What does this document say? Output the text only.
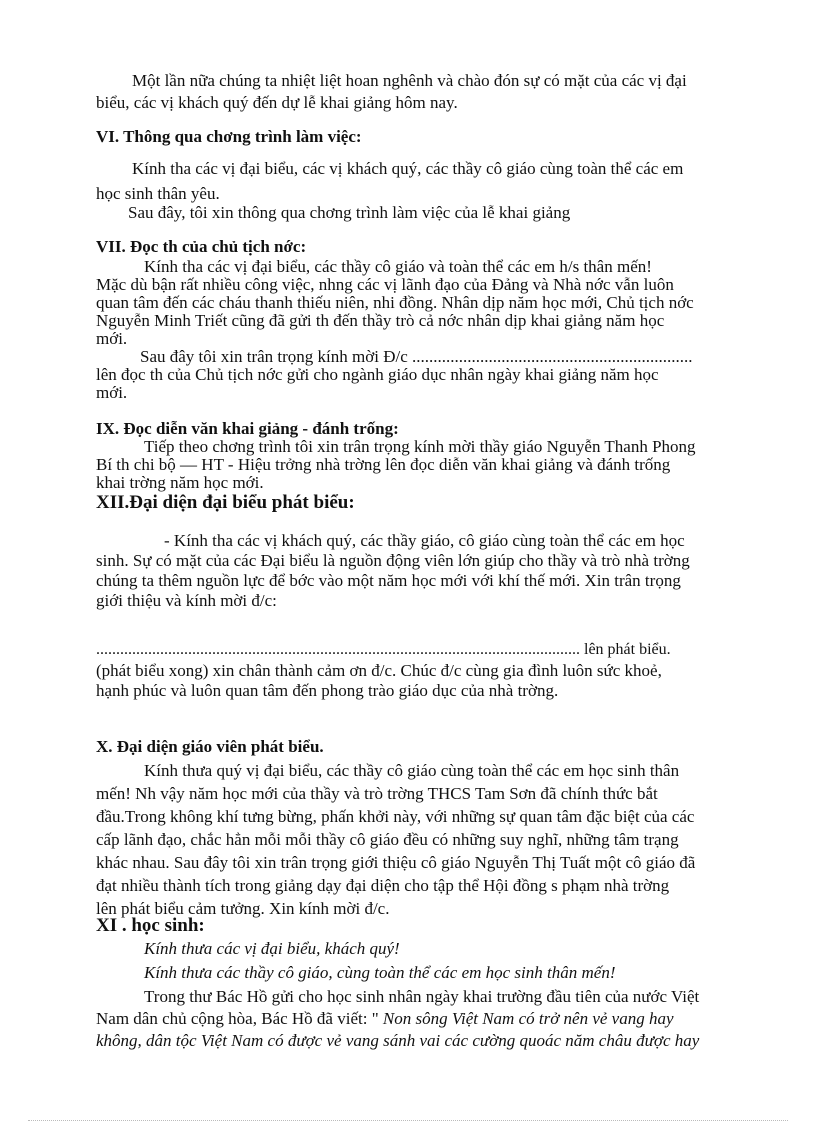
Một lần nữa chúng ta nhiệt liệt hoan nghênh và chào đón sự có mặt của các vị đại

biểu, các vị khách quý đến dự lễ khai giảng hôm nay.

VI. Thông qua chơng trình làm việc:

Kính tha các vị đại biểu, các vị khách quý, các thầy cô giáo cùng toàn thể các em

học sinh thân yêu.

Sau đây, tôi xin thông qua chơng trình làm việc của lễ khai giảng

VII. Đọc th của chủ tịch nớc:

Kính tha các vị đại biểu, các thầy cô giáo và toàn thể các em h/s thân mến!

Mặc dù bận rất nhiều công việc, nhng các vị lãnh đạo của Đảng và Nhà nớc vẫn luôn

quan tâm đến các cháu thanh thiếu niên, nhi đồng. Nhân dịp năm học mới, Chủ tịch nớc

Nguyễn Minh Triết cũng đã gửi th đến thầy trò cả nớc nhân dịp khai giảng năm học

mới.

Sau đây tôi xin trân trọng kính mời Đ/c ..................................................................

lên đọc th của Chủ tịch nớc gửi cho ngành giáo dục nhân ngày khai giảng năm học

mới.

IX. Đọc diễn văn khai giảng - đánh trống:

Tiếp theo chơng trình tôi xin trân trọng kính mời thầy giáo Nguyễn Thanh Phong

Bí th chi bộ — HT - Hiệu trởng nhà trờng lên đọc diễn văn khai giảng và đánh trống

khai trờng năm học mới.

XII.Đại diện đại biểu phát biểu:

- Kính tha các vị khách quý, các thầy giáo, cô giáo cùng toàn thể các em học

sinh. Sự có mặt của các Đại biểu là nguồn động viên lớn giúp cho thầy và trò nhà trờng

chúng ta thêm nguồn lực để bớc vào một năm học mới với khí thế mới. Xin trân trọng

giới thiệu và kính mời đ/c:

......................................................................................................................... lên phát biểu.

(phát biểu xong) xin chân thành cảm ơn đ/c. Chúc đ/c cùng gia đình luôn sức khoẻ,

hạnh phúc và luôn quan tâm đến phong trào giáo dục của nhà trờng.

X. Đại diện giáo viên phát biểu.

Kính thưa quý vị đại biểu, các thầy cô giáo cùng toàn thể các em học sinh thân

mến! Nh vậy năm học mới của thầy và trò trờng THCS Tam Sơn đã chính thức bắt

đầu.Trong không khí tưng bừng, phấn khởi này, với những sự quan tâm đặc biệt của các

cấp lãnh đạo, chắc hẳn mỗi mỗi thầy cô giáo đều có những suy nghĩ, những tâm trạng

khác nhau. Sau đây tôi xin trân trọng giới thiệu cô giáo Nguyễn Thị Tuất một cô giáo đã

đạt nhiều thành tích trong giảng dạy đại diện cho tập thể Hội đồng s phạm nhà trờng

lên phát biểu cảm tưởng. Xin kính mời đ/c.

XI . học sinh:

Kính thưa các vị đại biểu, khách quý!

Kính thưa các thầy cô giáo, cùng toàn thể các em học sinh thân mến!

Trong thư Bác Hồ gửi cho học sinh nhân ngày khai trường đầu tiên của nước Việt

Nam dân chủ cộng hòa, Bác Hồ đã viết: " Non sông Việt Nam có trở nên vẻ vang hay

không, dân tộc Việt Nam có được vẻ vang sánh vai các cường quoác năm châu được hay
